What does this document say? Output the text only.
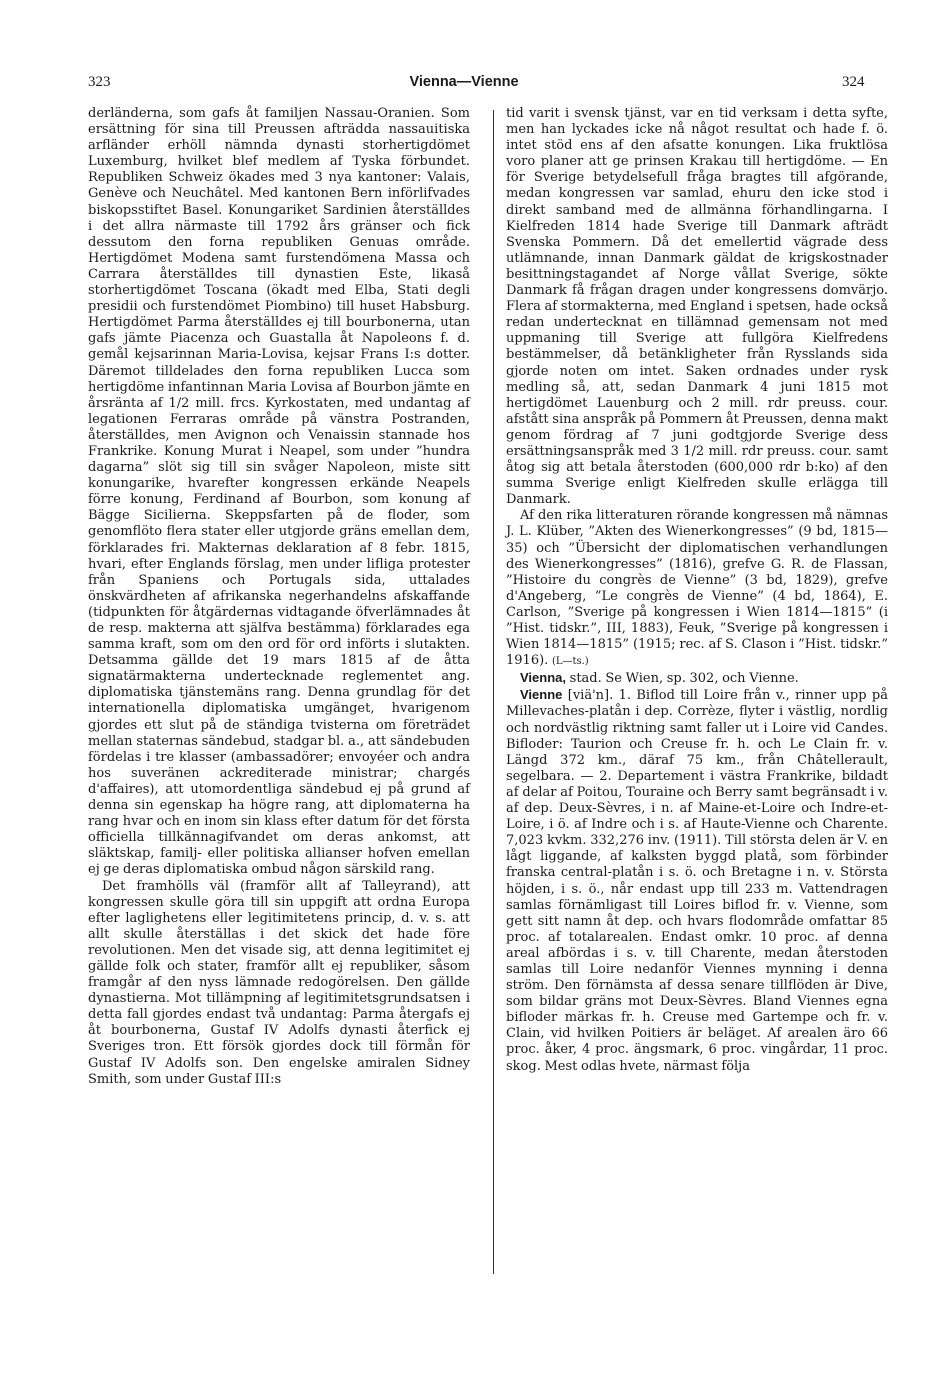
323	Vienna—Vienne	324

derländerna, som gafs åt familjen Nassau-Oranien. Som ersättning för sina till Preussen afträdda nassauitiska arfländer erhöll nämnda dynasti storhertigdömet Luxemburg, hvilket blef medlem af Tyska förbundet. Republiken Schweiz ökades med 3 nya kantoner: Valais, Genève och Neuchâtel. Med kantonen Bern införlifvades biskopsstiftet Basel. Konungariket Sardinien återställdes i det allra närmaste till 1792 års gränser och fick dessutom den forna republiken Genuas område. Hertigdömet Modena samt furstendömena Massa och Carrara återställdes till dynastien Este, likaså storhertigdömet Toscana (ökadt med Elba, Stati degli presidii och furstendömet Piombino) till huset Habsburg. Hertigdömet Parma återställdes ej till bourbonerna, utan gafs jämte Piacenza och Guastalla åt Napoleons f. d. gemål kejsarinnan Maria-Lovisa, kejsar Frans I:s dotter. Däremot tilldelades den forna republiken Lucca som hertigdöme infantinnan Maria Lovisa af Bourbon jämte en årsränta af 1/2 mill. frcs. Kyrkostaten, med undantag af legationen Ferraras område på vänstra Postranden, återställdes, men Avignon och Venaissin stannade hos Frankrike. Konung Murat i Neapel, som under ”hundra dagarna” slöt sig till sin svåger Napoleon, miste sitt konungarike, hvarefter kongressen erkände Neapels förre konung, Ferdinand af Bourbon, som konung af Bägge Sicilierna. Skeppsfarten på de floder, som genomflöto flera stater eller utgjorde gräns emellan dem, förklarades fri. Makternas deklaration af 8 febr. 1815, hvari, efter Englands förslag, men under lifliga protester från Spaniens och Portugals sida, uttalades önskvärdheten af afrikanska negerhandelns afskaffande (tidpunkten för åtgärdernas vidtagande öfverlämnades åt de resp. makterna att själfva bestämma) förklarades ega samma kraft, som om den ord för ord införts i slutakten. Detsamma gällde det 19 mars 1815 af de åtta signatärmakterna undertecknade reglementet ang. diplomatiska tjänstemäns rang. Denna grundlag för det internationella diplomatiska umgänget, hvarigenom gjordes ett slut på de ständiga tvisterna om företrädet mellan staternas sändebud, stadgar bl. a., att sändebuden fördelas i tre klasser (ambassadörer; envoyéer och andra hos suveränen ackrediterade ministrar; chargés d'affaires), att utomordentliga sändebud ej på grund af denna sin egenskap ha högre rang, att diplomaterna ha rang hvar och en inom sin klass efter datum för det första officiella tillkännagifvandet om deras ankomst, att släktskap, familj- eller politiska allianser hofven emellan ej ge deras diplomatiska ombud någon särskild rang.

Det framhölls väl (framför allt af Talleyrand), att kongressen skulle göra till sin uppgift att ordna Europa efter laglighetens eller legitimitetens princip, d. v. s. att allt skulle återställas i det skick det hade före revolutionen. Men det visade sig, att denna legitimitet ej gällde folk och stater, framför allt ej republiker, såsom framgår af den nyss lämnade redogörelsen. Den gällde dynastierna. Mot tillämpning af legitimitetsgrundsatsen i detta fall gjordes endast två undantag: Parma återgafs ej åt bourbonerna, Gustaf IV Adolfs dynasti återfick ej Sveriges tron. Ett försök gjordes dock till förmån för Gustaf IV Adolfs son. Den engelske amiralen Sidney Smith, som under Gustaf III:s

tid varit i svensk tjänst, var en tid verksam i detta syfte, men han lyckades icke nå något resultat och hade f. ö. intet stöd ens af den afsatte konungen. Lika fruktlösa voro planer att ge prinsen Krakau till hertigdöme. — En för Sverige betydelsefull fråga bragtes till afgörande, medan kongressen var samlad, ehuru den icke stod i direkt samband med de allmänna förhandlingarna. I Kielfreden 1814 hade Sverige till Danmark afträdt Svenska Pommern. Då det emellertid vägrade dess utlämnande, innan Danmark gäldat de krigskostnader besittningstagandet af Norge vållat Sverige, sökte Danmark få frågan dragen under kongressens domvärjo. Flera af stormakterna, med England i spetsen, hade också redan undertecknat en tillämnad gemensam not med uppmaning till Sverige att fullgöra Kielfredens bestämmelser, då betänkligheter från Rysslands sida gjorde noten om intet. Saken ordnades under rysk medling så, att, sedan Danmark 4 juni 1815 mot hertigdömet Lauenburg och 2 mill. rdr preuss. cour. afstått sina anspråk på Pommern åt Preussen, denna makt genom fördrag af 7 juni godtgjorde Sverige dess ersättningsanspråk med 3 1/2 mill. rdr preuss. cour. samt åtog sig att betala återstoden (600,000 rdr b:ko) af den summa Sverige enligt Kielfreden skulle erlägga till Danmark.

Af den rika litteraturen rörande kongressen må nämnas J. L. Klüber, ”Akten des Wienerkongresses” (9 bd, 1815—35) och ”Übersicht der diplomatischen verhandlungen des Wienerkongresses” (1816), grefve G. R. de Flassan, ”Histoire du congrès de Vienne” (3 bd, 1829), grefve d'Angeberg, ”Le congrès de Vienne” (4 bd, 1864), E. Carlson, ”Sverige på kongressen i Wien 1814—1815” (i ”Hist. tidskr.”, III, 1883), Feuk, ”Sverige på kongressen i Wien 1814—1815” (1915; rec. af S. Clason i ”Hist. tidskr.” 1916). (L—ts.)

Vienna, stad. Se Wien, sp. 302, och Vienne.

Vienne [viä'n]. 1. Biflod till Loire från v., rinner upp på Millevaches-platån i dep. Corrèze, flyter i västlig, nordlig och nordvästlig riktning samt faller ut i Loire vid Candes. Bifloder: Taurion och Creuse fr. h. och Le Clain fr. v. Längd 372 km., däraf 75 km., från Châtellerault, segelbara. — 2. Departement i västra Frankrike, bildadt af delar af Poitou, Touraine och Berry samt begränsadt i v. af dep. Deux-Sèvres, i n. af Maine-et-Loire och Indre-et-Loire, i ö. af Indre och i s. af Haute-Vienne och Charente. 7,023 kvkm. 332,276 inv. (1911). Till största delen är V. en lågt liggande, af kalksten byggd platå, som förbinder franska central-platån i s. ö. och Bretagne i n. v. Största höjden, i s. ö., når endast upp till 233 m. Vattendragen samlas förnämligast till Loires biflod fr. v. Vienne, som gett sitt namn åt dep. och hvars flodområde omfattar 85 proc. af totalarealen. Endast omkr. 10 proc. af denna areal afbördas i s. v. till Charente, medan återstoden samlas till Loire nedanför Viennes mynning i denna ström. Den förnämsta af dessa senare tillflöden är Dive, som bildar gräns mot Deux-Sèvres. Bland Viennes egna bifloder märkas fr. h. Creuse med Gartempe och fr. v. Clain, vid hvilken Poitiers är beläget. Af arealen äro 66 proc. åker, 4 proc. ängsmark, 6 proc. vingårdar, 11 proc. skog. Mest odlas hvete, närmast följa
